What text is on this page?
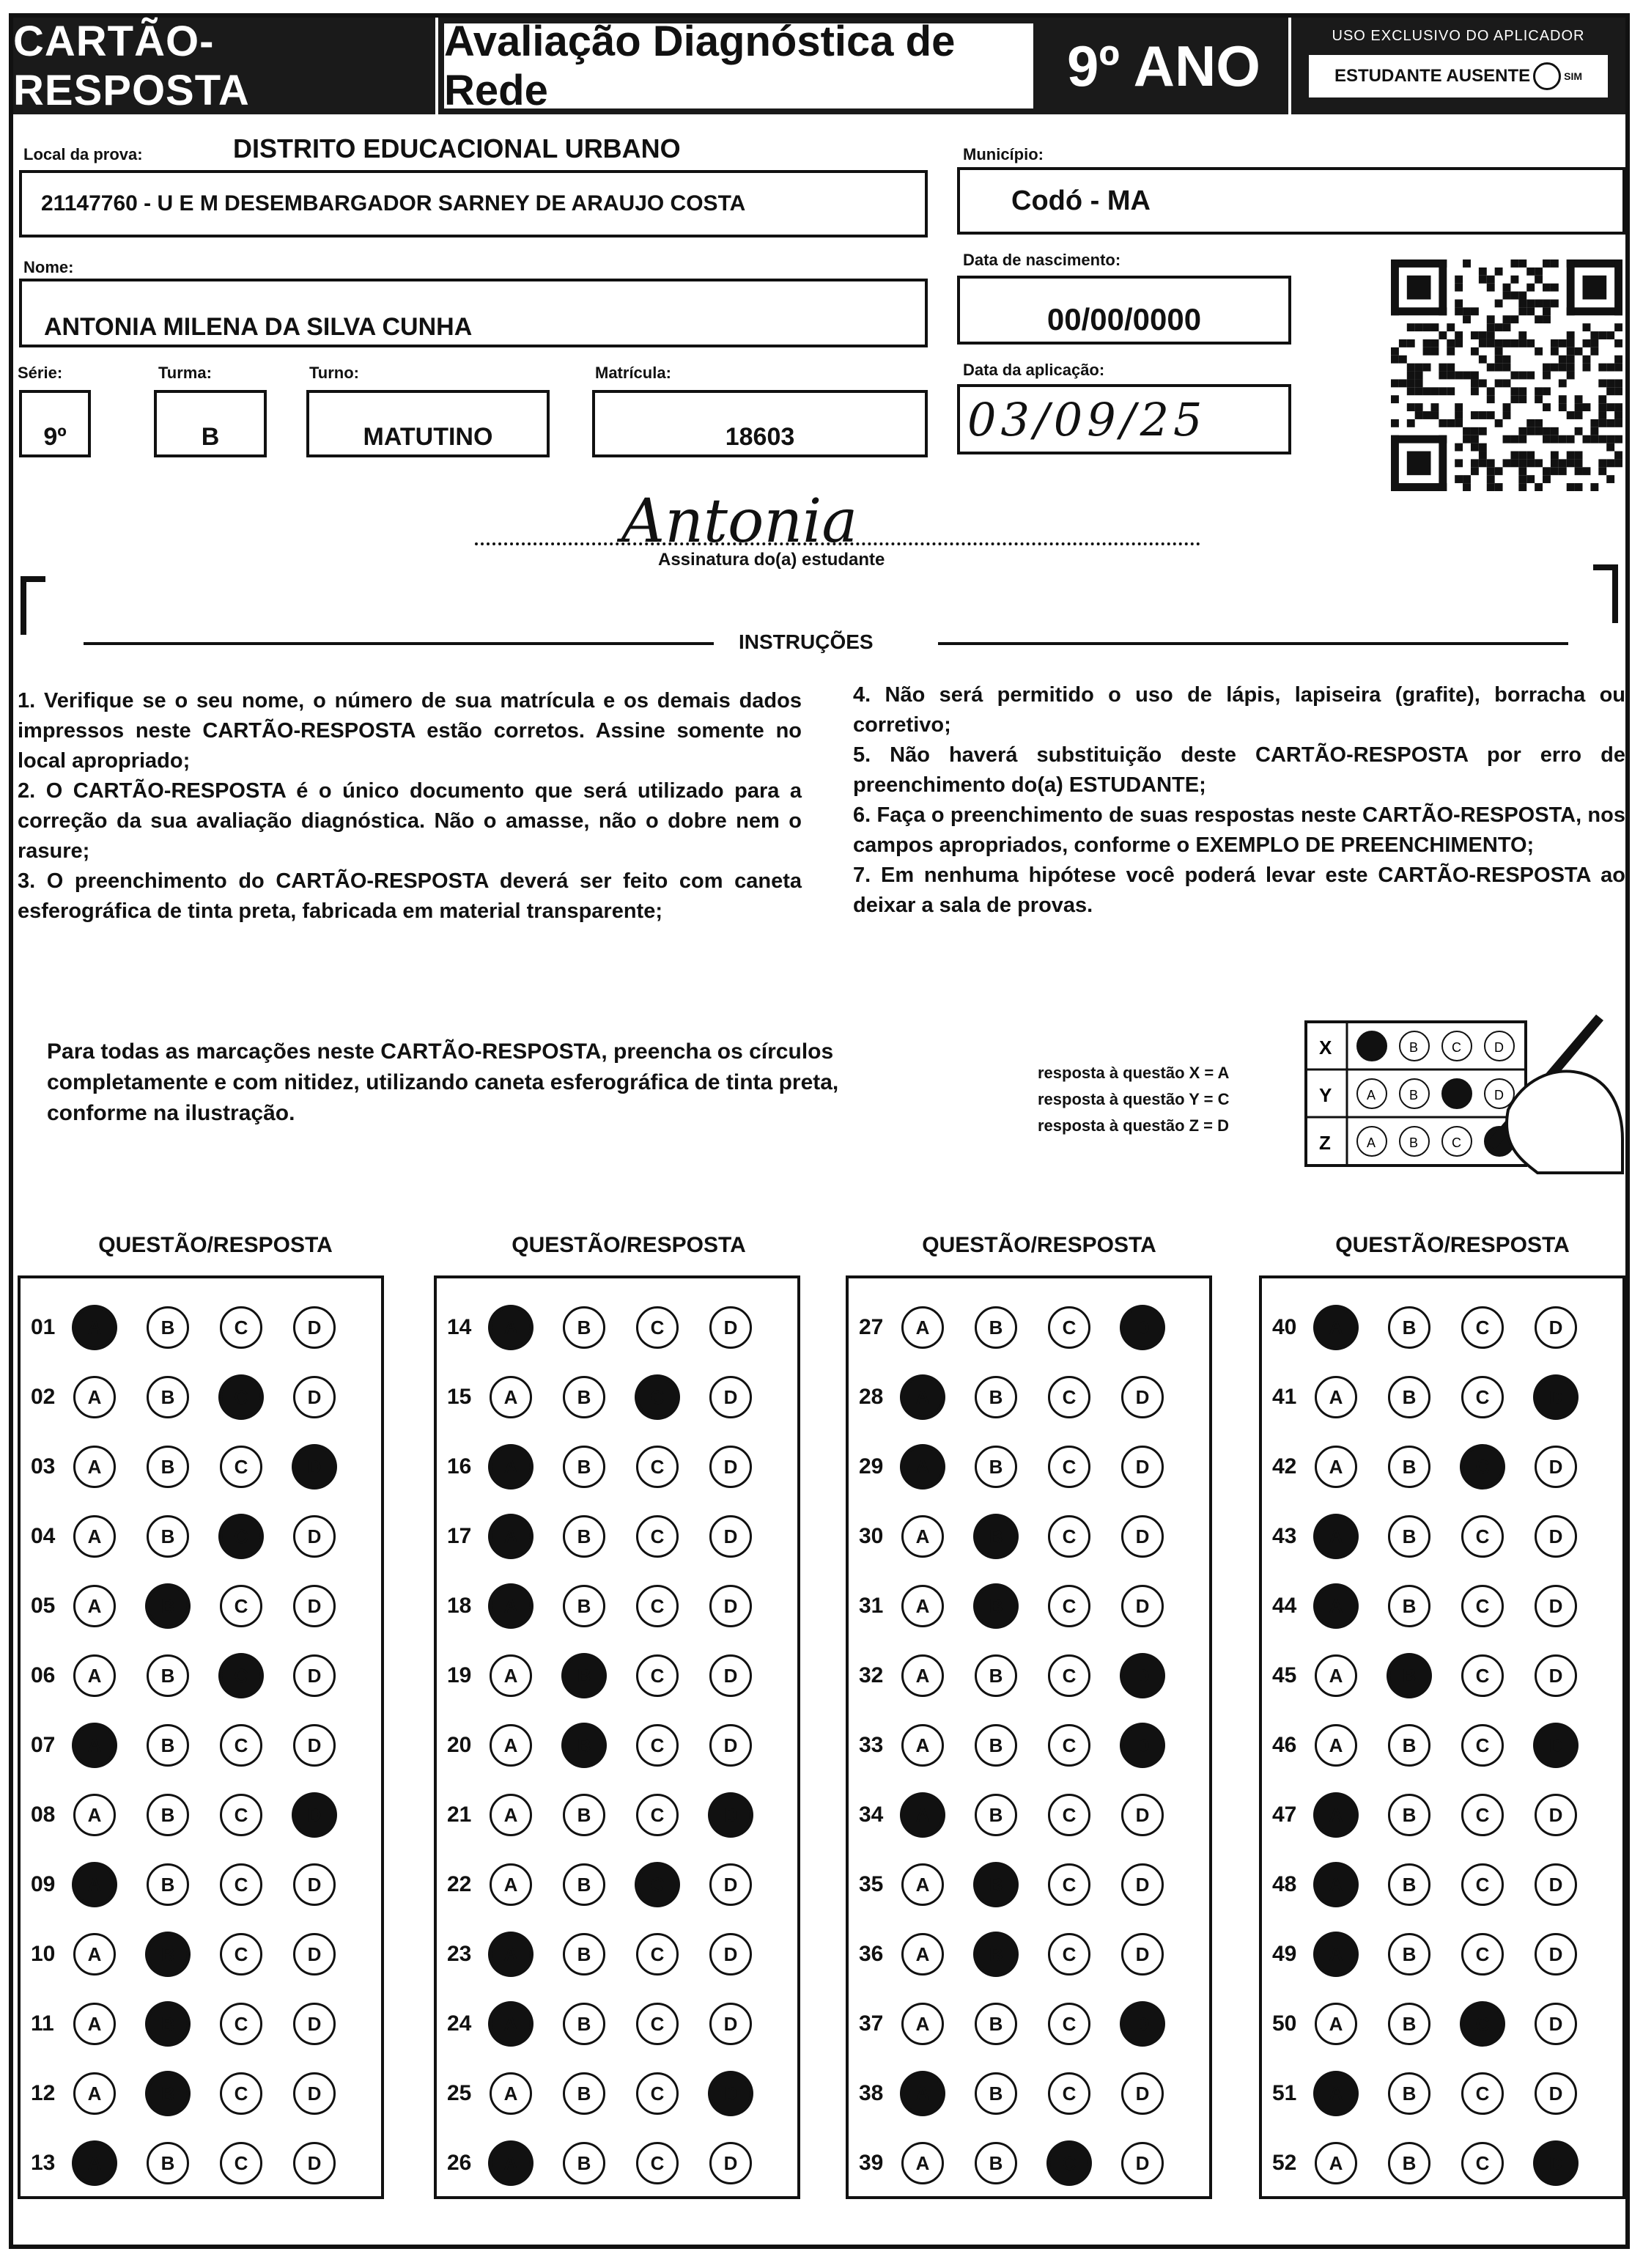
CARTÃO-RESPOSTA
Avaliação Diagnóstica de Rede	9º ANO	USO EXCLUSIVO DO APLICADOR
ESTUDANTE AUSENTE	SIM
Local da prova:	DISTRITO EDUCACIONAL URBANO
21147760 - U E M DESEMBARGADOR SARNEY DE ARAUJO COSTA
Município:
Codó - MA
Nome:
ANTONIA MILENA DA SILVA CUNHA
Data de nascimento:
00/00/0000
Série:
9º
Turma:
B
Turno:
MATUTINO
Matrícula:
18603
Data da aplicação:
03/09/25
Antonia
Assinatura do(a) estudante
INSTRUÇÕES

1. Verifique se o seu nome, o número de sua matrícula e os demais dados impressos neste CARTÃO-RESPOSTA estão corretos. Assine somente no local apropriado;

2. O CARTÃO-RESPOSTA é o único documento que será utilizado para a correção da sua avaliação diagnóstica. Não o amasse, não o dobre nem o rasure;

3. O preenchimento do CARTÃO-RESPOSTA deverá ser feito com caneta esferográfica de tinta preta, fabricada em material transparente;

4. Não será permitido o uso de lápis, lapiseira (grafite), borracha ou corretivo;

5. Não haverá substituição deste CARTÃO-RESPOSTA por erro de preenchimento do(a) ESTUDANTE;

6. Faça o preenchimento de suas respostas neste CARTÃO-RESPOSTA, nos campos apropriados, conforme o EXEMPLO DE PREENCHIMENTO;

7. Em nenhuma hipótese você poderá levar este CARTÃO-RESPOSTA ao deixar a sala de provas.

Para todas as marcações neste CARTÃO-RESPOSTA, preencha os círculos completamente e com nitidez, utilizando caneta esferográfica de tinta preta, conforme na ilustração.
resposta à questão X = A
resposta à questão Y = C
resposta à questão Z = D
X	B	C	D
Y	A	B	D
Z	A	B	C
QUESTÃO/RESPOSTA
01	A	B	C	D
02	A	B	C	D
03	A	B	C	D
04	A	B	C	D
05	A	B	C	D
06	A	B	C	D
07	A	B	C	D
08	A	B	C	D
09	A	B	C	D
10	A	B	C	D
11	A	B	C	D
12	A	B	C	D
13	A	B	C	D
QUESTÃO/RESPOSTA
14	A	B	C	D
15	A	B	C	D
16	A	B	C	D
17	A	B	C	D
18	A	B	C	D
19	A	B	C	D
20	A	B	C	D
21	A	B	C	D
22	A	B	C	D
23	A	B	C	D
24	A	B	C	D
25	A	B	C	D
26	A	B	C	D
QUESTÃO/RESPOSTA
27	A	B	C	D
28	A	B	C	D
29	A	B	C	D
30	A	B	C	D
31	A	B	C	D
32	A	B	C	D
33	A	B	C	D
34	A	B	C	D
35	A	B	C	D
36	A	B	C	D
37	A	B	C	D
38	A	B	C	D
39	A	B	C	D
QUESTÃO/RESPOSTA
40	A	B	C	D
41	A	B	C	D
42	A	B	C	D
43	A	B	C	D
44	A	B	C	D
45	A	B	C	D
46	A	B	C	D
47	A	B	C	D
48	A	B	C	D
49	A	B	C	D
50	A	B	C	D
51	A	B	C	D
52	A	B	C	D
